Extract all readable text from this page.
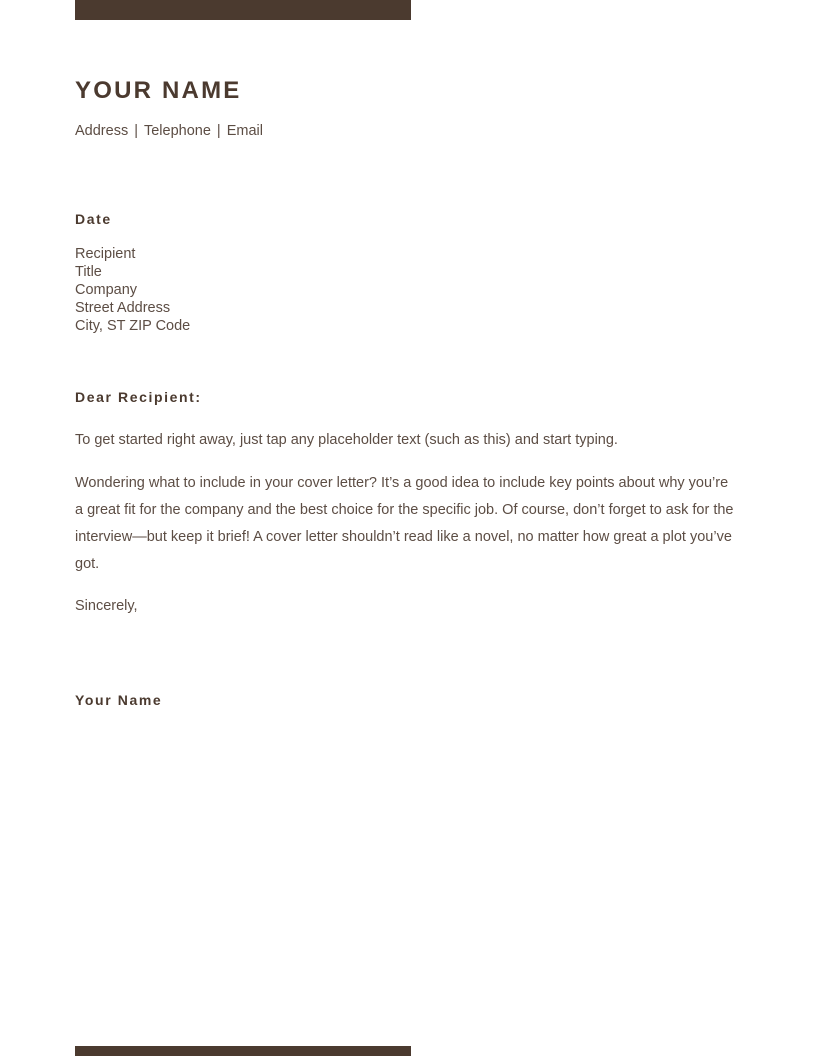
YOUR NAME
Address | Telephone | Email
Date
Recipient
Title
Company
Street Address
City, ST ZIP Code
Dear Recipient:

To get started right away, just tap any placeholder text (such as this) and start typing.

Wondering what to include in your cover letter? It’s a good idea to include key points about why you’re a great fit for the company and the best choice for the specific job. Of course, don’t forget to ask for the interview—but keep it brief! A cover letter shouldn’t read like a novel, no matter how great a plot you’ve got.

Sincerely,
Your Name
